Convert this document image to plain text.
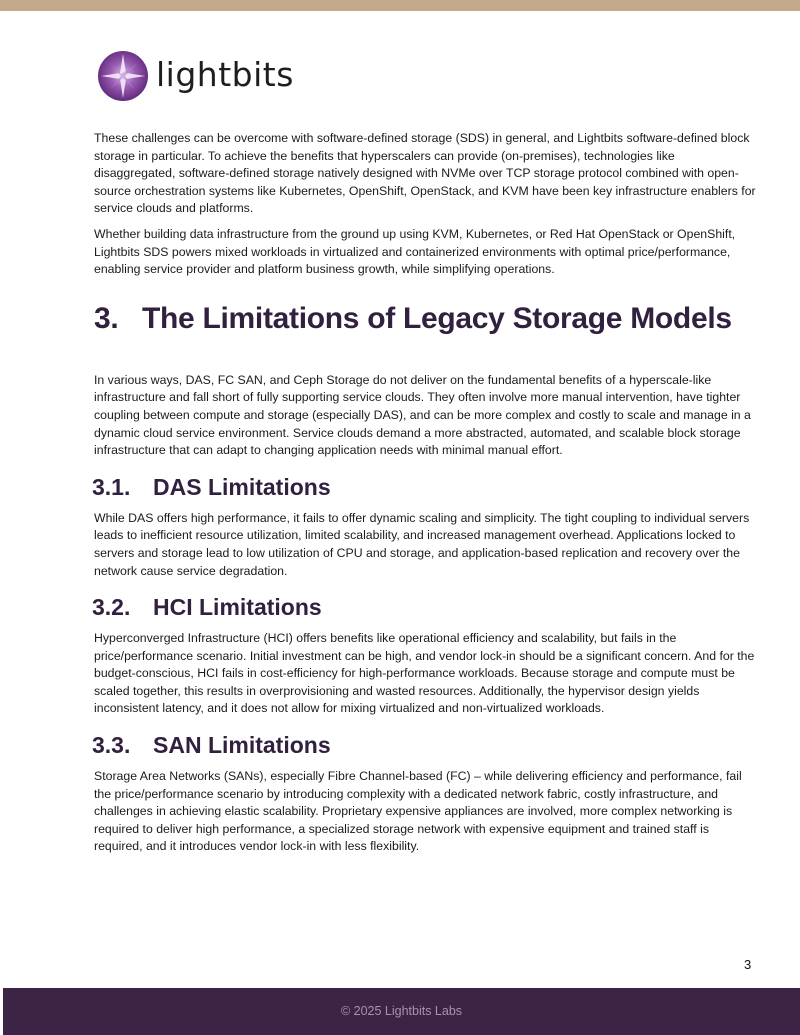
lightbits

These challenges can be overcome with software-defined storage (SDS) in general, and Lightbits software-defined block storage in particular. To achieve the benefits that hyperscalers can provide (on-premises), technologies like disaggregated, software-defined storage natively designed with NVMe over TCP storage protocol combined with open-source orchestration systems like Kubernetes, OpenShift, OpenStack, and KVM have been key infrastructure enablers for service clouds and platforms.

Whether building data infrastructure from the ground up using KVM, Kubernetes, or Red Hat OpenStack or OpenShift, Lightbits SDS powers mixed workloads in virtualized and containerized environments with optimal price/performance, enabling service provider and platform business growth, while simplifying operations.

3. The Limitations of Legacy Storage Models

In various ways, DAS, FC SAN, and Ceph Storage do not deliver on the fundamental benefits of a hyperscale-like infrastructure and fall short of fully supporting service clouds. They often involve more manual intervention, have tighter coupling between compute and storage (especially DAS), and can be more complex and costly to scale and manage in a dynamic cloud service environment. Service clouds demand a more abstracted, automated, and scalable block storage infrastructure that can adapt to changing application needs with minimal manual effort.

3.1. DAS Limitations

While DAS offers high performance, it fails to offer dynamic scaling and simplicity. The tight coupling to individual servers leads to inefficient resource utilization, limited scalability, and increased management overhead. Applications locked to servers and storage lead to low utilization of CPU and storage, and application-based replication and recovery over the network cause service degradation.

3.2. HCI Limitations

Hyperconverged Infrastructure (HCI) offers benefits like operational efficiency and scalability, but fails in the price/performance scenario. Initial investment can be high, and vendor lock-in should be a significant concern. And for the budget-conscious, HCI fails in cost-efficiency for high-performance workloads. Because storage and compute must be scaled together, this results in overprovisioning and wasted resources. Additionally, the hypervisor design yields inconsistent latency, and it does not allow for mixing virtualized and non-virtualized workloads.

3.3. SAN Limitations

Storage Area Networks (SANs), especially Fibre Channel-based (FC) – while delivering efficiency and performance, fail the price/performance scenario by introducing complexity with a dedicated network fabric, costly infrastructure, and challenges in achieving elastic scalability. Proprietary expensive appliances are involved, more complex networking is required to deliver high performance, a specialized storage network with expensive equipment and trained staff is required, and it introduces vendor lock-in with less flexibility.

3
© 2025 Lightbits Labs
